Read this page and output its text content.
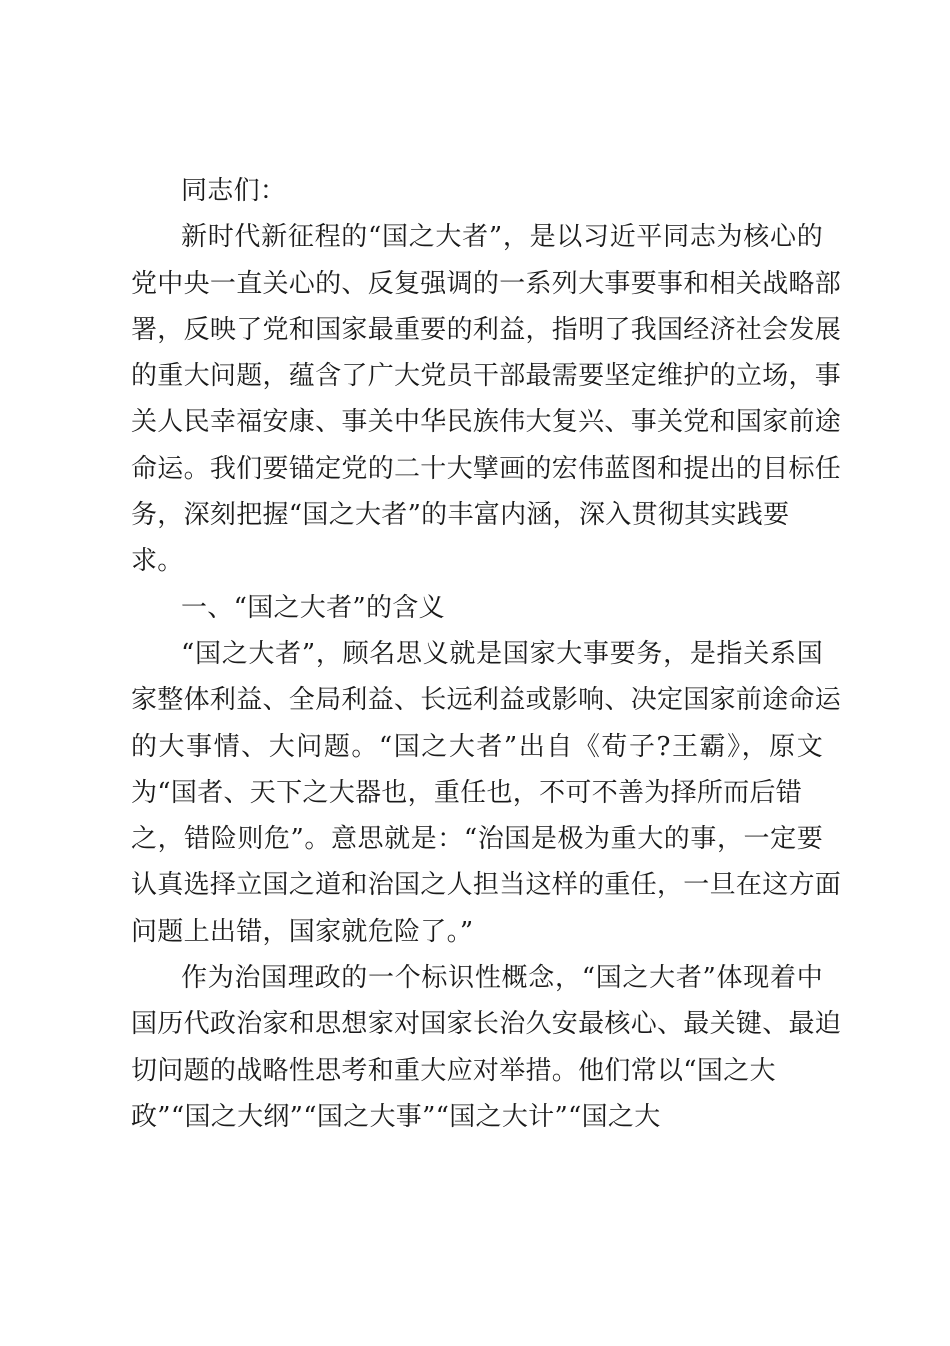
同志们：
新时代新征程的“国之大者”，是以习近平同志为核心的
党中央一直关心的、反复强调的一系列大事要事和相关战略部
署，反映了党和国家最重要的利益，指明了我国经济社会发展
的重大问题，蕴含了广大党员干部最需要坚定维护的立场，事
关人民幸福安康、事关中华民族伟大复兴、事关党和国家前途
命运。我们要锚定党的二十大擘画的宏伟蓝图和提出的目标任
务，深刻把握“国之大者”的丰富内涵，深入贯彻其实践要
求。
一、“国之大者”的含义
“国之大者”，顾名思义就是国家大事要务，是指关系国
家整体利益、全局利益、长远利益或影响、决定国家前途命运
的大事情、大问题。“国之大者”出自《荀子?王霸》，原文
为“国者、天下之大器也，重任也，不可不善为择所而后错
之，错险则危”。意思就是：“治国是极为重大的事，一定要
认真选择立国之道和治国之人担当这样的重任，一旦在这方面
问题上出错，国家就危险了。”
作为治国理政的一个标识性概念，“国之大者”体现着中
国历代政治家和思想家对国家长治久安最核心、最关键、最迫
切问题的战略性思考和重大应对举措。他们常以“国之大
政”“国之大纲”“国之大事”“国之大计”“国之大
